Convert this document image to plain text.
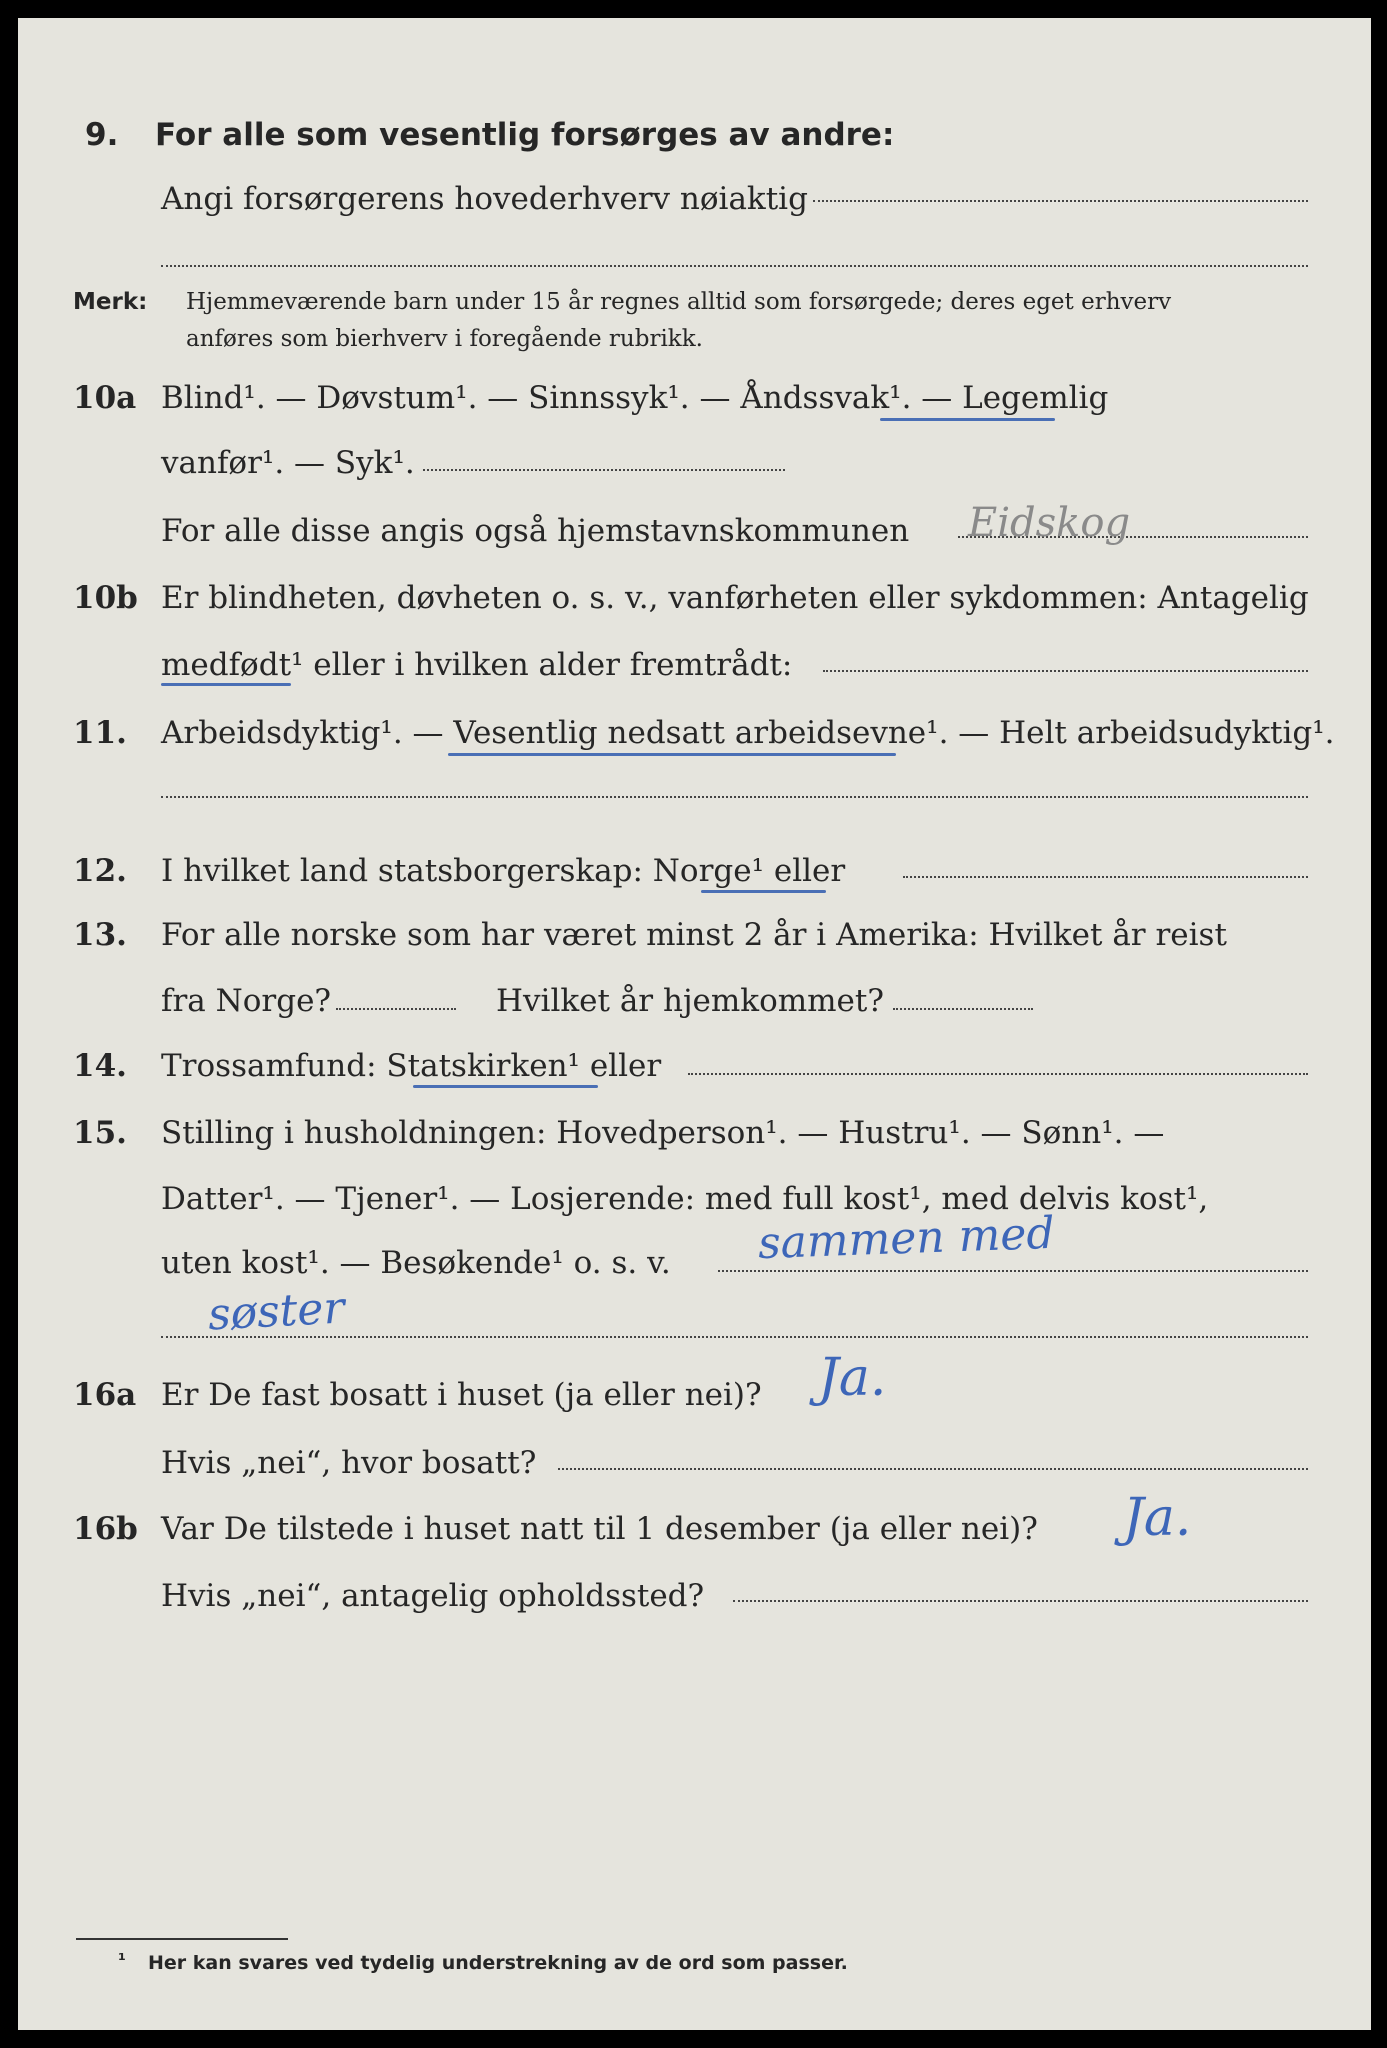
9. For alle som vesentlig forsørges av andre:
Angi forsørgerens hovederhverv nøiaktig
Merk: Hjemmeværende barn under 15 år regnes alltid som forsørgede; deres eget erhverv
anføres som bierhverv i foregående rubrikk.
10a Blind¹. — Døvstum¹. — Sinnssyk¹. — Åndssvak¹. — Legemlig
vanfør¹. — Syk¹.
For alle disse angis også hjemstavnskommunen Eidskog
10b Er blindheten, døvheten o. s. v., vanførheten eller sykdommen: Antagelig
medfødt¹ eller i hvilken alder fremtrådt:
11. Arbeidsdyktig¹. — Vesentlig nedsatt arbeidsevne¹. — Helt arbeidsudyktig¹.
12. I hvilket land statsborgerskap: Norge¹ eller
13. For alle norske som har været minst 2 år i Amerika: Hvilket år reist
fra Norge?	Hvilket år hjemkommet?
14. Trossamfund: Statskirken¹ eller
15. Stilling i husholdningen: Hovedperson¹. — Hustru¹. — Sønn¹. —
Datter¹. — Tjener¹. — Losjerende: med full kost¹, med delvis kost¹,
uten kost¹. — Besøkende¹ o. s. v. sammen med
søster
16a Er De fast bosatt i huset (ja eller nei)? Ja.
Hvis „nei“, hvor bosatt?
16b Var De tilstede i huset natt til 1 desember (ja eller nei)? Ja.
Hvis „nei“, antagelig opholdssted?
¹ Her kan svares ved tydelig understrekning av de ord som passer.
